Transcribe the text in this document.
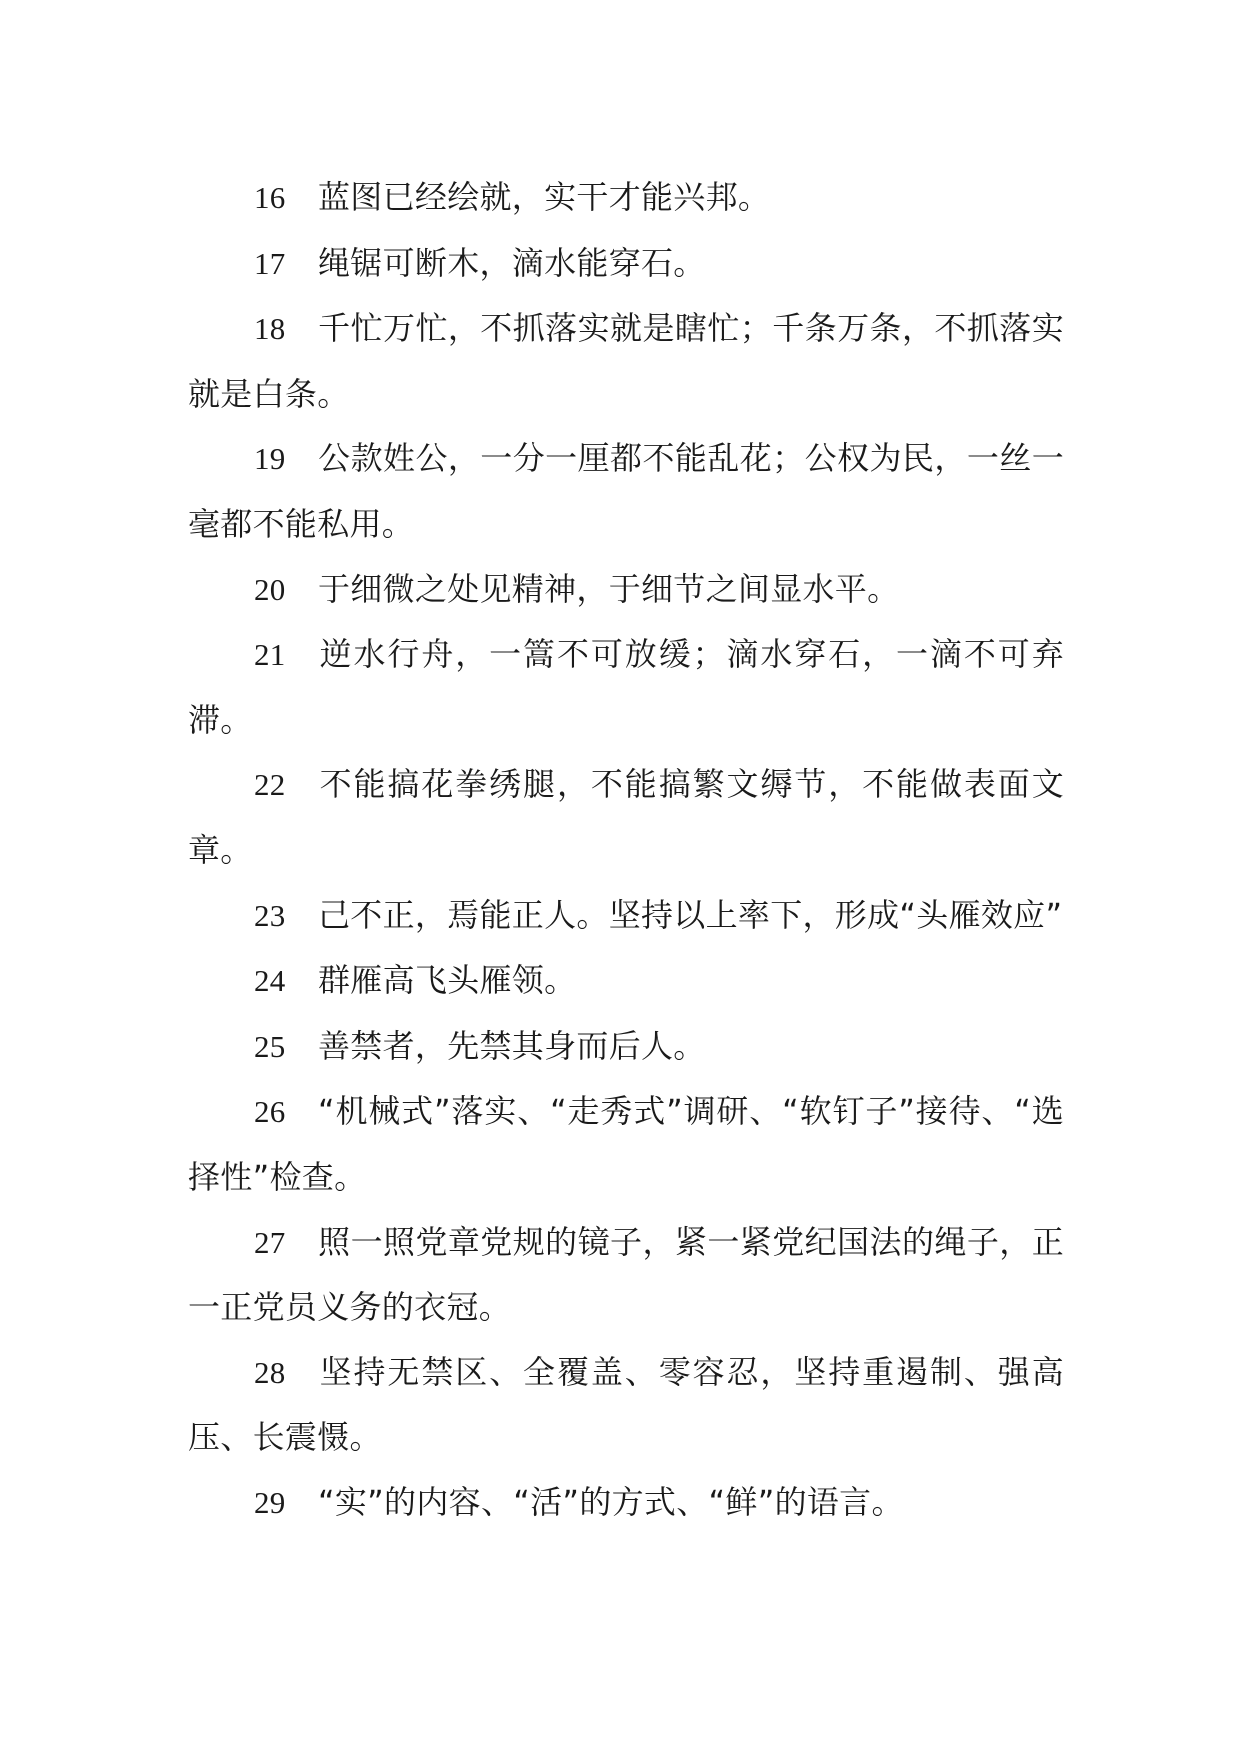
16 蓝图已经绘就，实干才能兴邦。

17 绳锯可断木，滴水能穿石。

18 千忙万忙，不抓落实就是瞎忙；千条万条，不抓落实就是白条。

19 公款姓公，一分一厘都不能乱花；公权为民，一丝一毫都不能私用。

20 于细微之处见精神，于细节之间显水平。

21 逆水行舟，一篙不可放缓；滴水穿石，一滴不可弃滞。

22 不能搞花拳绣腿，不能搞繁文缛节，不能做表面文章。

23 己不正，焉能正人。坚持以上率下，形成“头雁效应”

24 群雁高飞头雁领。

25 善禁者，先禁其身而后人。

26 “机械式”落实、“走秀式”调研、“软钉子”接待、“选择性”检查。

27 照一照党章党规的镜子，紧一紧党纪国法的绳子，正一正党员义务的衣冠。

28 坚持无禁区、全覆盖、零容忍，坚持重遏制、强高压、长震慑。

29 “实”的内容、“活”的方式、“鲜”的语言。
